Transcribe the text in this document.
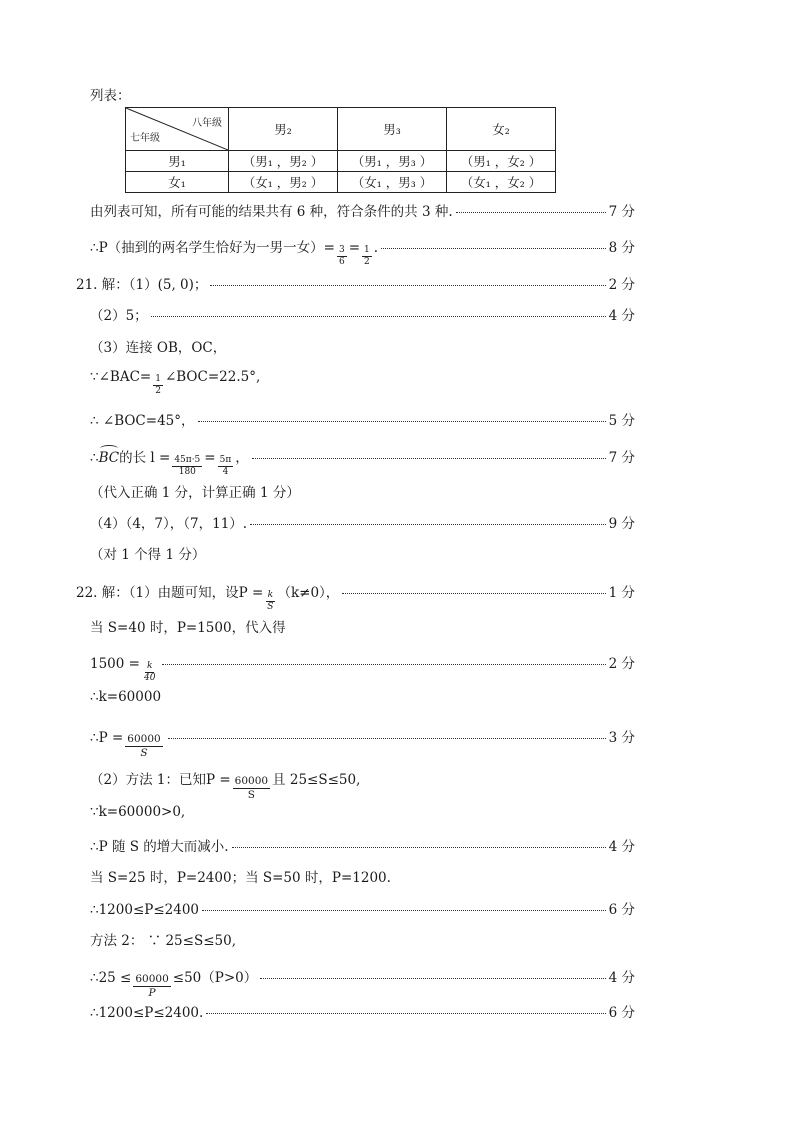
列表：
八年级
七年级	男₂	男₃	女₂
男₁	（男₁ ，男₂ ）	（男₁ ，男₃ ）	（男₁ ，女₂ ）
女₁	（女₁ ，男₂ ）	（女₁ ，男₃ ）	（女₁ ，女₂ ）
由列表可知，所有可能的结果共有 6 种，符合条件的共 3 种.	7 分
∴P（抽到的两名学生恰好为一男一女）= $\frac{3}{6} = \frac{1}{2}$ .	8 分
21. 解：（1）(5, 0)；	2 分
（2）5；	4 分
（3）连接 OB，OC，
∵∠BAC= $\frac{1}{2}$ ∠BOC=22.5°,
∴ ∠BOC=45°，	5 分
∴ BC 的长 $l = \frac{45\pi\cdot 5}{180} = \frac{5\pi}{4}$ ，	7 分
（代入正确 1 分，计算正确 1 分）
（4）（4，7），（7，11）.	9 分
（对 1 个得 1 分）
22. 解：（1）由题可知，设$P = \frac{k}{S} (k\ne 0)$，	1 分
当 S=40 时，P=1500，代入得
$1500 = \frac{k}{40}$	2 分
∴k=60000
∴P = $\frac{60000}{S}$	3 分
（2）方法 1：已知$P = \frac{60000}{S}$ 且 25≤S≤50,
∵k=60000>0,
∴P 随 S 的增大而减小.	4 分
当 S=25 时，P=2400；当 S=50 时，P=1200.
∴1200≤P≤2400	6 分
方法 2： ∵ 25≤S≤50,
∴25 ≤ $\frac{60000}{P} \le 50(P>0)$	4 分
∴1200≤P≤2400.	6 分
